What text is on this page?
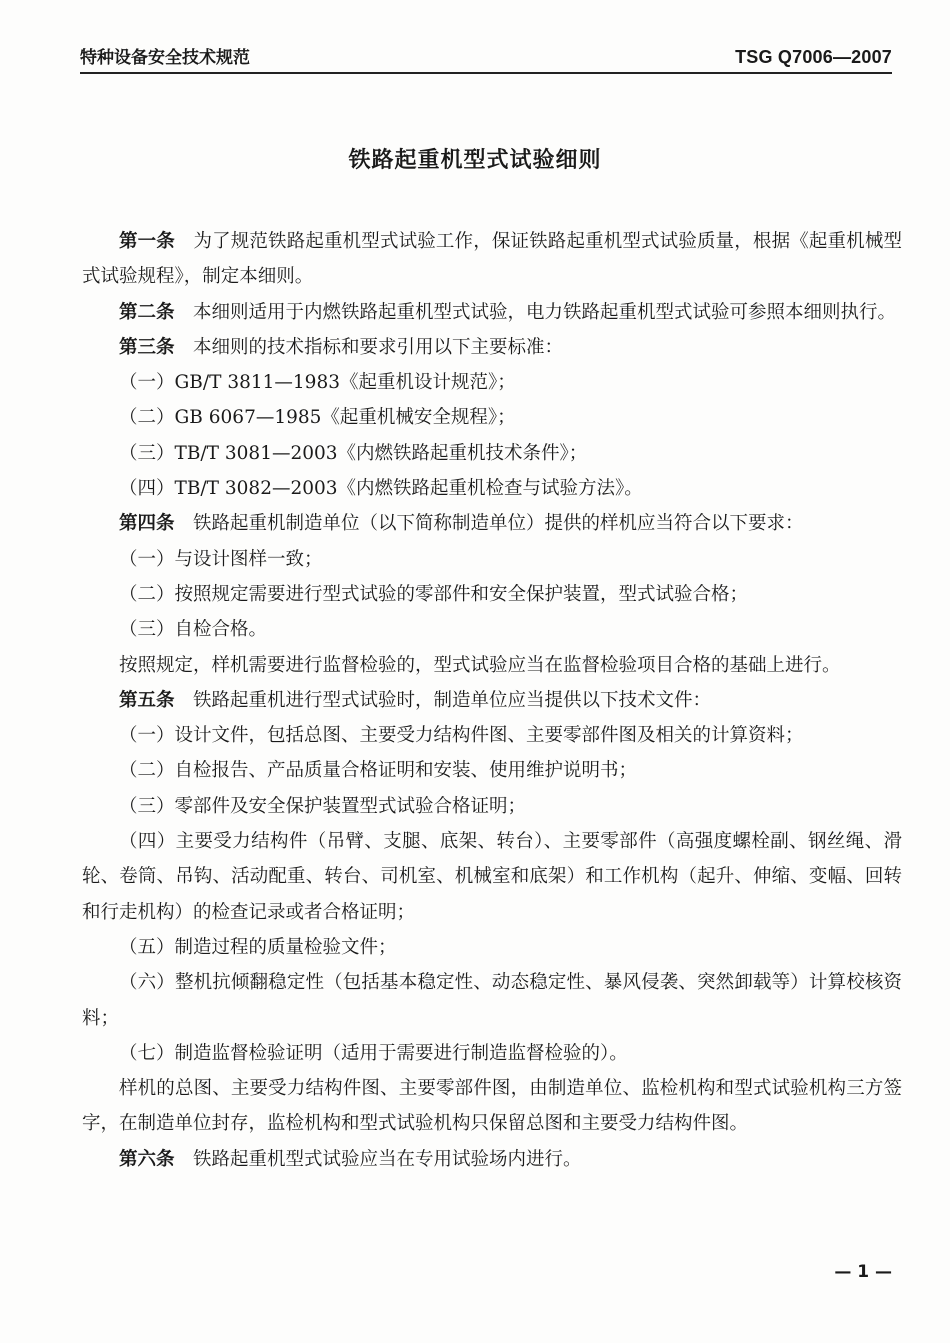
特种设备安全技术规范	TSG Q7006—2007
铁路起重机型式试验细则

第一条 为了规范铁路起重机型式试验工作，保证铁路起重机型式试验质量，根据《起重机械型式试验规程》，制定本细则。

第二条 本细则适用于内燃铁路起重机型式试验，电力铁路起重机型式试验可参照本细则执行。

第三条 本细则的技术指标和要求引用以下主要标准：

（一）GB/T 3811—1983《起重机设计规范》；

（二）GB 6067—1985《起重机械安全规程》；

（三）TB/T 3081—2003《内燃铁路起重机技术条件》；

（四）TB/T 3082—2003《内燃铁路起重机检查与试验方法》。

第四条 铁路起重机制造单位（以下简称制造单位）提供的样机应当符合以下要求：

（一）与设计图样一致；

（二）按照规定需要进行型式试验的零部件和安全保护装置，型式试验合格；

（三）自检合格。

按照规定，样机需要进行监督检验的，型式试验应当在监督检验项目合格的基础上进行。

第五条 铁路起重机进行型式试验时，制造单位应当提供以下技术文件：

（一）设计文件，包括总图、主要受力结构件图、主要零部件图及相关的计算资料；

（二）自检报告、产品质量合格证明和安装、使用维护说明书；

（三）零部件及安全保护装置型式试验合格证明；

（四）主要受力结构件（吊臂、支腿、底架、转台）、主要零部件（高强度螺栓副、钢丝绳、滑轮、卷筒、吊钩、活动配重、转台、司机室、机械室和底架）和工作机构（起升、伸缩、变幅、回转和行走机构）的检查记录或者合格证明；

（五）制造过程的质量检验文件；

（六）整机抗倾翻稳定性（包括基本稳定性、动态稳定性、暴风侵袭、突然卸载等）计算校核资料；

（七）制造监督检验证明（适用于需要进行制造监督检验的）。

样机的总图、主要受力结构件图、主要零部件图，由制造单位、监检机构和型式试验机构三方签字，在制造单位封存，监检机构和型式试验机构只保留总图和主要受力结构件图。

第六条 铁路起重机型式试验应当在专用试验场内进行。

— 1 —
